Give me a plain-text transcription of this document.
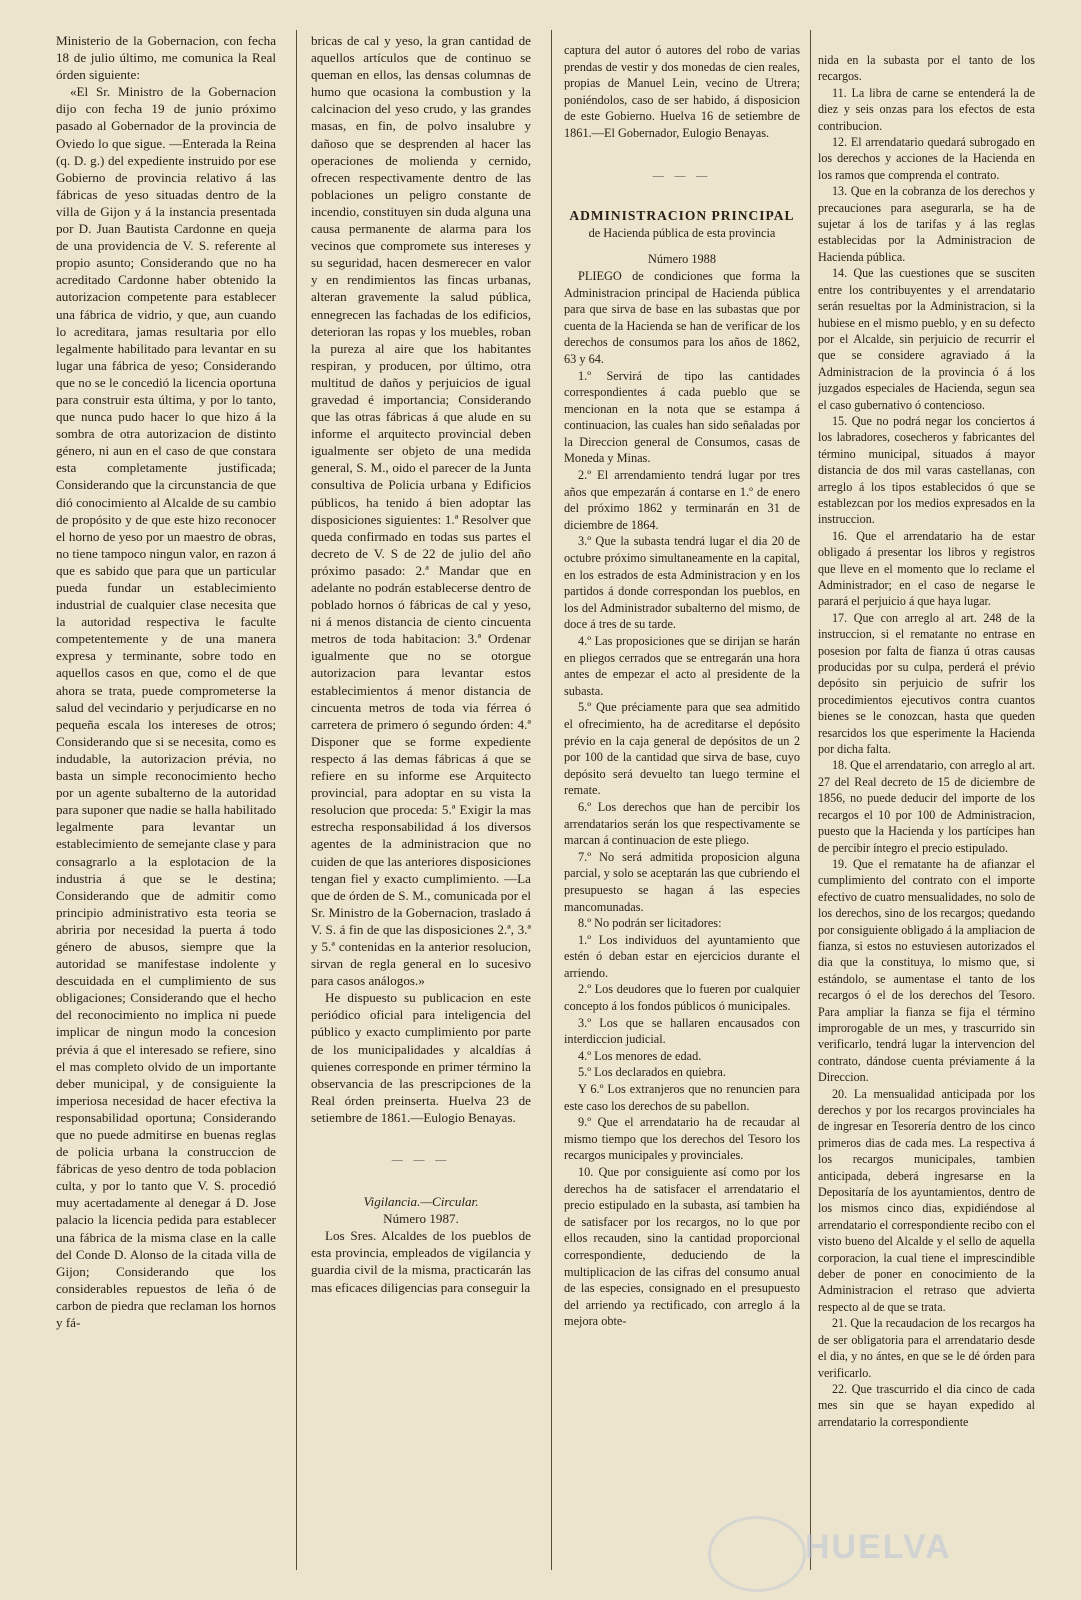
Ministerio de la Gobernacion, con fecha 18 de julio último, me comunica la Real órden siguiente:

«El Sr. Ministro de la Gobernacion dijo con fecha 19 de junio próximo pasado al Gobernador de la provincia de Oviedo lo que sigue. —Enterada la Reina (q. D. g.) del expediente instruido por ese Gobierno de provincia relativo á las fábricas de yeso situadas dentro de la villa de Gijon y á la instancia presentada por D. Juan Bautista Cardonne en queja de una providencia de V. S. referente al propio asunto; Considerando que no ha acreditado Cardonne haber obtenido la autorizacion competente para establecer una fábrica de vidrio, y que, aun cuando lo acreditara, jamas resultaria por ello legalmente habilitado para levantar en su lugar una fábrica de yeso; Considerando que no se le concedió la licencia oportuna para construir esta última, y por lo tanto, que nunca pudo hacer lo que hizo á la sombra de otra autorizacion de distinto género, ni aun en el caso de que constara esta completamente justificada; Considerando que la circunstancia de que dió conocimiento al Alcalde de su cambio de propósito y de que este hizo reconocer el horno de yeso por un maestro de obras, no tiene tampoco ningun valor, en razon á que es sabido que para que un particular pueda fundar un establecimiento industrial de cualquier clase necesita que la autoridad respectiva le faculte competentemente y de una manera expresa y terminante, sobre todo en aquellos casos en que, como el de que ahora se trata, puede comprometerse la salud del vecindario y perjudicarse en no pequeña escala los intereses de otros; Considerando que si se necesita, como es indudable, la autorizacion prévia, no basta un simple reconocimiento hecho por un agente subalterno de la autoridad para suponer que nadie se halla habilitado legalmente para levantar un establecimiento de semejante clase y para consagrarlo a la esplotacion de la industria á que se le destina; Considerando que de admitir como principio administrativo esta teoria se abriria por necesidad la puerta á todo género de abusos, siempre que la autoridad se manifestase indolente y descuidada en el cumplimiento de sus obligaciones; Considerando que el hecho del reconocimiento no implica ni puede implicar de ningun modo la concesion prévia á que el interesado se refiere, sino el mas completo olvido de un importante deber municipal, y de consiguiente la imperiosa necesidad de hacer efectiva la responsabilidad oportuna; Considerando que no puede admitirse en buenas reglas de policia urbana la construccion de fábricas de yeso dentro de toda poblacion culta, y por lo tanto que V. S. procedió muy acertadamente al denegar á D. Jose palacio la licencia pedida para establecer una fábrica de la misma clase en la calle del Conde D. Alonso de la citada villa de Gijon; Considerando que los considerables repuestos de leña ó de carbon de piedra que reclaman los hornos y fá-

bricas de cal y yeso, la gran cantidad de aquellos artículos que de continuo se queman en ellos, las densas columnas de humo que ocasiona la combustion y la calcinacion del yeso crudo, y las grandes masas, en fin, de polvo insalubre y dañoso que se desprenden al hacer las operaciones de molienda y cernido, ofrecen respectivamente dentro de las poblaciones un peligro constante de incendio, constituyen sin duda alguna una causa permanente de alarma para los vecinos que compromete sus intereses y su seguridad, hacen desmerecer en valor y en rendimientos las fincas urbanas, alteran gravemente la salud pública, ennegrecen las fachadas de los edificios, deterioran las ropas y los muebles, roban la pureza al aire que los habitantes respiran, y producen, por último, otra multitud de daños y perjuicios de igual gravedad é importancia; Considerando que las otras fábricas á que alude en su informe el arquitecto provincial deben igualmente ser objeto de una medida general, S. M., oido el parecer de la Junta consultiva de Policia urbana y Edificios públicos, ha tenido á bien adoptar las disposiciones siguientes: 1.ª Resolver que queda confirmado en todas sus partes el decreto de V. S de 22 de julio del año próximo pasado: 2.ª Mandar que en adelante no podrán establecerse dentro de poblado hornos ó fábricas de cal y yeso, ni á menos distancia de ciento cincuenta metros de toda habitacion: 3.ª Ordenar igualmente que no se otorgue autorizacion para levantar estos establecimientos á menor distancia de cincuenta metros de toda via férrea ó carretera de primero ó segundo órden: 4.ª Disponer que se forme expediente respecto á las demas fábricas á que se refiere en su informe ese Arquitecto provincial, para adoptar en su vista la resolucion que proceda: 5.ª Exigir la mas estrecha responsabilidad á los diversos agentes de la administracion que no cuiden de que las anteriores disposiciones tengan fiel y exacto cumplimiento. —La que de órden de S. M., comunicada por el Sr. Ministro de la Gobernacion, traslado á V. S. á fin de que las disposiciones 2.ª, 3.ª y 5.ª contenidas en la anterior resolucion, sirvan de regla general en lo sucesivo para casos análogos.»

He dispuesto su publicacion en este periódico oficial para inteligencia del público y exacto cumplimiento por parte de los municipalidades y alcaldías á quienes corresponde en primer término la observancia de las prescripciones de la Real órden preinserta. Huelva 23 de setiembre de 1861.—Eulogio Benayas.

— — —

Vigilancia.—Circular.

Número 1987.

Los Sres. Alcaldes de los pueblos de esta provincia, empleados de vigilancia y guardia civil de la misma, practicarán las mas eficaces diligencias para conseguir la

captura del autor ó autores del robo de varias prendas de vestir y dos monedas de cien reales, propias de Manuel Lein, vecino de Utrera; poniéndolos, caso de ser habido, á disposicion de este Gobierno. Huelva 16 de setiembre de 1861.—El Gobernador, Eulogio Benayas.

— — —
ADMINISTRACION PRINCIPAL
de Hacienda pública de esta provincia

Número 1988

PLIEGO de condiciones que forma la Administracion principal de Hacienda pública para que sirva de base en las subastas que por cuenta de la Hacienda se han de verificar de los derechos de consumos para los años de 1862, 63 y 64.

1.º Servirá de tipo las cantidades correspondientes á cada pueblo que se mencionan en la nota que se estampa á continuacion, las cuales han sido señaladas por la Direccion general de Consumos, casas de Moneda y Minas.

2.º El arrendamiento tendrá lugar por tres años que empezarán á contarse en 1.º de enero del próximo 1862 y terminarán en 31 de diciembre de 1864.

3.º Que la subasta tendrá lugar el dia 20 de octubre próximo simultaneamente en la capital, en los estrados de esta Administracion y en los partidos á donde correspondan los pueblos, en los del Administrador subalterno del mismo, de doce á tres de su tarde.

4.º Las proposiciones que se dirijan se harán en pliegos cerrados que se entregarán una hora antes de empezar el acto al presidente de la subasta.

5.º Que préciamente para que sea admitido el ofrecimiento, ha de acreditarse el depósito prévio en la caja general de depósitos de un 2 por 100 de la cantidad que sirva de base, cuyo depósito será devuelto tan luego termine el remate.

6.º Los derechos que han de percibir los arrendatarios serán los que respectivamente se marcan á continuacion de este pliego.

7.º No será admitida proposicion alguna parcial, y solo se aceptarán las que cubriendo el presupuesto se hagan á las especies mancomunadas.

8.º No podrán ser licitadores:

1.º Los individuos del ayuntamiento que estén ó deban estar en ejercicios durante el arriendo.

2.º Los deudores que lo fueren por cualquier concepto á los fondos públicos ó municipales.

3.º Los que se hallaren encausados con interdiccion judicial.

4.º Los menores de edad.

5.º Los declarados en quiebra.

Y 6.º Los extranjeros que no renuncien para este caso los derechos de su pabellon.

9.º Que el arrendatario ha de recaudar al mismo tiempo que los derechos del Tesoro los recargos municipales y provinciales.

10. Que por consiguiente así como por los derechos ha de satisfacer el arrendatario el precio estipulado en la subasta, así tambien ha de satisfacer por los recargos, no lo que por ellos recauden, sino la cantidad proporcional correspondiente, deduciendo de la multiplicacion de las cifras del consumo anual de las especies, consignado en el presupuesto del arriendo ya rectificado, con arreglo á la mejora obte-

nida en la subasta por el tanto de los recargos.

11. La libra de carne se entenderá la de diez y seis onzas para los efectos de esta contribucion.

12. El arrendatario quedará subrogado en los derechos y acciones de la Hacienda en los ramos que comprenda el contrato.

13. Que en la cobranza de los derechos y precauciones para asegurarla, se ha de sujetar á los de tarifas y á las reglas establecidas por la Administracion de Hacienda pública.

14. Que las cuestiones que se susciten entre los contribuyentes y el arrendatario serán resueltas por la Administracion, si la hubiese en el mismo pueblo, y en su defecto por el Alcalde, sin perjuicio de recurrir el que se considere agraviado á la Administracion de la provincia ó á los juzgados especiales de Hacienda, segun sea el caso gubernativo ó contencioso.

15. Que no podrá negar los conciertos á los labradores, cosecheros y fabricantes del término municipal, situados á mayor distancia de dos mil varas castellanas, con arreglo á los tipos establecidos ó que se establezcan por los medios expresados en la instruccion.

16. Que el arrendatario ha de estar obligado á presentar los libros y registros que lleve en el momento que lo reclame el Administrador; en el caso de negarse le parará el perjuicio á que haya lugar.

17. Que con arreglo al art. 248 de la instruccion, si el rematante no entrase en posesion por falta de fianza ú otras causas producidas por su culpa, perderá el prévio depósito sin perjuicio de sufrir los procedimientos ejecutivos contra cuantos bienes se le conozcan, hasta que queden resarcidos los que esperimente la Hacienda por dicha falta.

18. Que el arrendatario, con arreglo al art. 27 del Real decreto de 15 de diciembre de 1856, no puede deducir del importe de los recargos el 10 por 100 de Administracion, puesto que la Hacienda y los partícipes han de percibir íntegro el precio estipulado.

19. Que el rematante ha de afianzar el cumplimiento del contrato con el importe efectivo de cuatro mensualidades, no solo de los derechos, sino de los recargos; quedando por consiguiente obligado á la ampliacion de fianza, si estos no estuviesen autorizados el dia que la constituya, lo mismo que, si estándolo, se aumentase el tanto de los recargos ó el de los derechos del Tesoro. Para ampliar la fianza se fija el término improrogable de un mes, y trascurrido sin verificarlo, tendrá lugar la intervencion del contrato, dándose cuenta préviamente á la Direccion.

20. La mensualidad anticipada por los derechos y por los recargos provinciales ha de ingresar en Tesorería dentro de los cinco primeros dias de cada mes. La respectiva á los recargos municipales, tambien anticipada, deberá ingresarse en la Depositaría de los ayuntamientos, dentro de los mismos cinco dias, expidiéndose al arrendatario el correspondiente recibo con el visto bueno del Alcalde y el sello de aquella corporacion, la cual tiene el imprescindible deber de poner en conocimiento de la Administracion el retraso que advierta respecto al de que se trata.

21. Que la recaudacion de los recargos ha de ser obligatoria para el arrendatario desde el dia, y no ántes, en que se le dé órden para verificarlo.

22. Que trascurrido el dia cinco de cada mes sin que se hayan expedido al arrendatario la correspondiente

HUELVA
